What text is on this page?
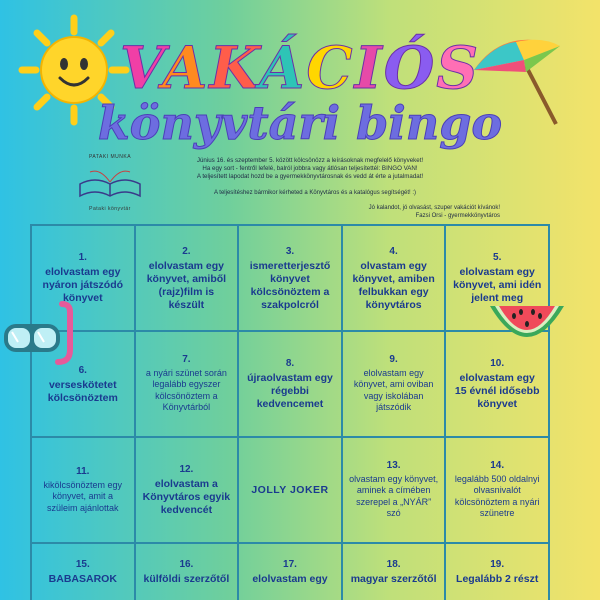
VAKÁCIÓS
könyvtári bingo
PATAKI MUNKA
Pataki könyvtár
Június 16. és szeptember 5. között kölcsönözz a leírásoknak megfelelő könyveket!
Ha egy sort - fentről lefelé, balról jobbra vagy átlósan teljesítettél: BINGO VAN!
A teljesített lapodat hozd be a gyermekkönyvtárosnak és vedd át érte a jutalmadat!
A teljesítéshez bármikor kérheted a Könyvtáros és a katalógus segítségét! :)
Jó kalandot, jó olvasást, szuper vakációt kívánok!
Fazsi Orsi - gyermekkönyvtáros
1.
elolvastam egy nyáron játszódó könyvet
2.
elolvastam egy könyvet, amiből (rajz)film is készült
3.
ismeretterjesztő könyvet kölcsönöztem a szakpolcról
4.
olvastam egy könyvet, amiben felbukkan egy könyvtáros
5.
elolvastam egy könyvet, ami idén jelent meg
6.
verseskötetet kölcsönöztem
7.
a nyári szünet során legalább egyszer kölcsönöztem a Könyvtárból
8.
újraolvastam egy régebbi kedvencemet
9.
elolvastam egy könyvet, ami oviban vagy iskolában játszódik
10.
elolvastam egy 15 évnél idősebb könyvet
11.
kikölcsönöztem egy könyvet, amit a szüleim ajánlottak
12.
elolvastam a Könyvtáros egyik kedvencét
JOLLY JOKER
13.
olvastam egy könyvet, aminek a címében szerepel a „NYÁR” szó
14.
legalább 500 oldalnyi olvasnivalót kölcsönöztem a nyári szünetre
15.
BABASAROK
16.
külföldi szerzőtől
17.
elolvastam egy
18.
magyar szerzőtől
19.
Legalább 2 részt
